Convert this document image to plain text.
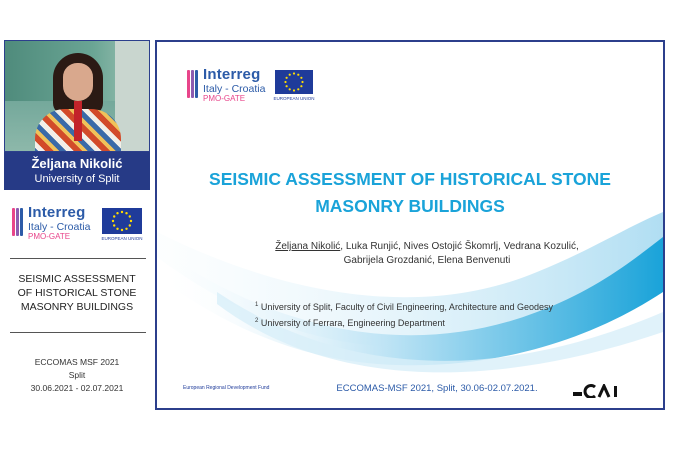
Željana Nikolić
University of Split
Interreg
Italy - Croatia
PMO-GATE	EUROPEAN UNION
SEISMIC ASSESSMENT
OF HISTORICAL STONE
MASONRY BUILDINGS
ECCOMAS MSF 2021
Split
30.06.2021 - 02.07.2021
Interreg
Italy - Croatia
PMO-GATE	EUROPEAN UNION
SEISMIC ASSESSMENT OF HISTORICAL STONE
MASONRY BUILDINGS
Željana Nikolić, Luka Runjić, Nives Ostojić Škomrlj, Vedrana Kozulić,
Gabrijela Grozdanić, Elena Benvenuti
$^1$ University of Split, Faculty of Civil Engineering, Architecture and Geodesy
$^2$ University of Ferrara, Engineering Department
European Regional Development Fund	ECCOMAS-MSF 2021, Split, 30.06-02.07.2021.
